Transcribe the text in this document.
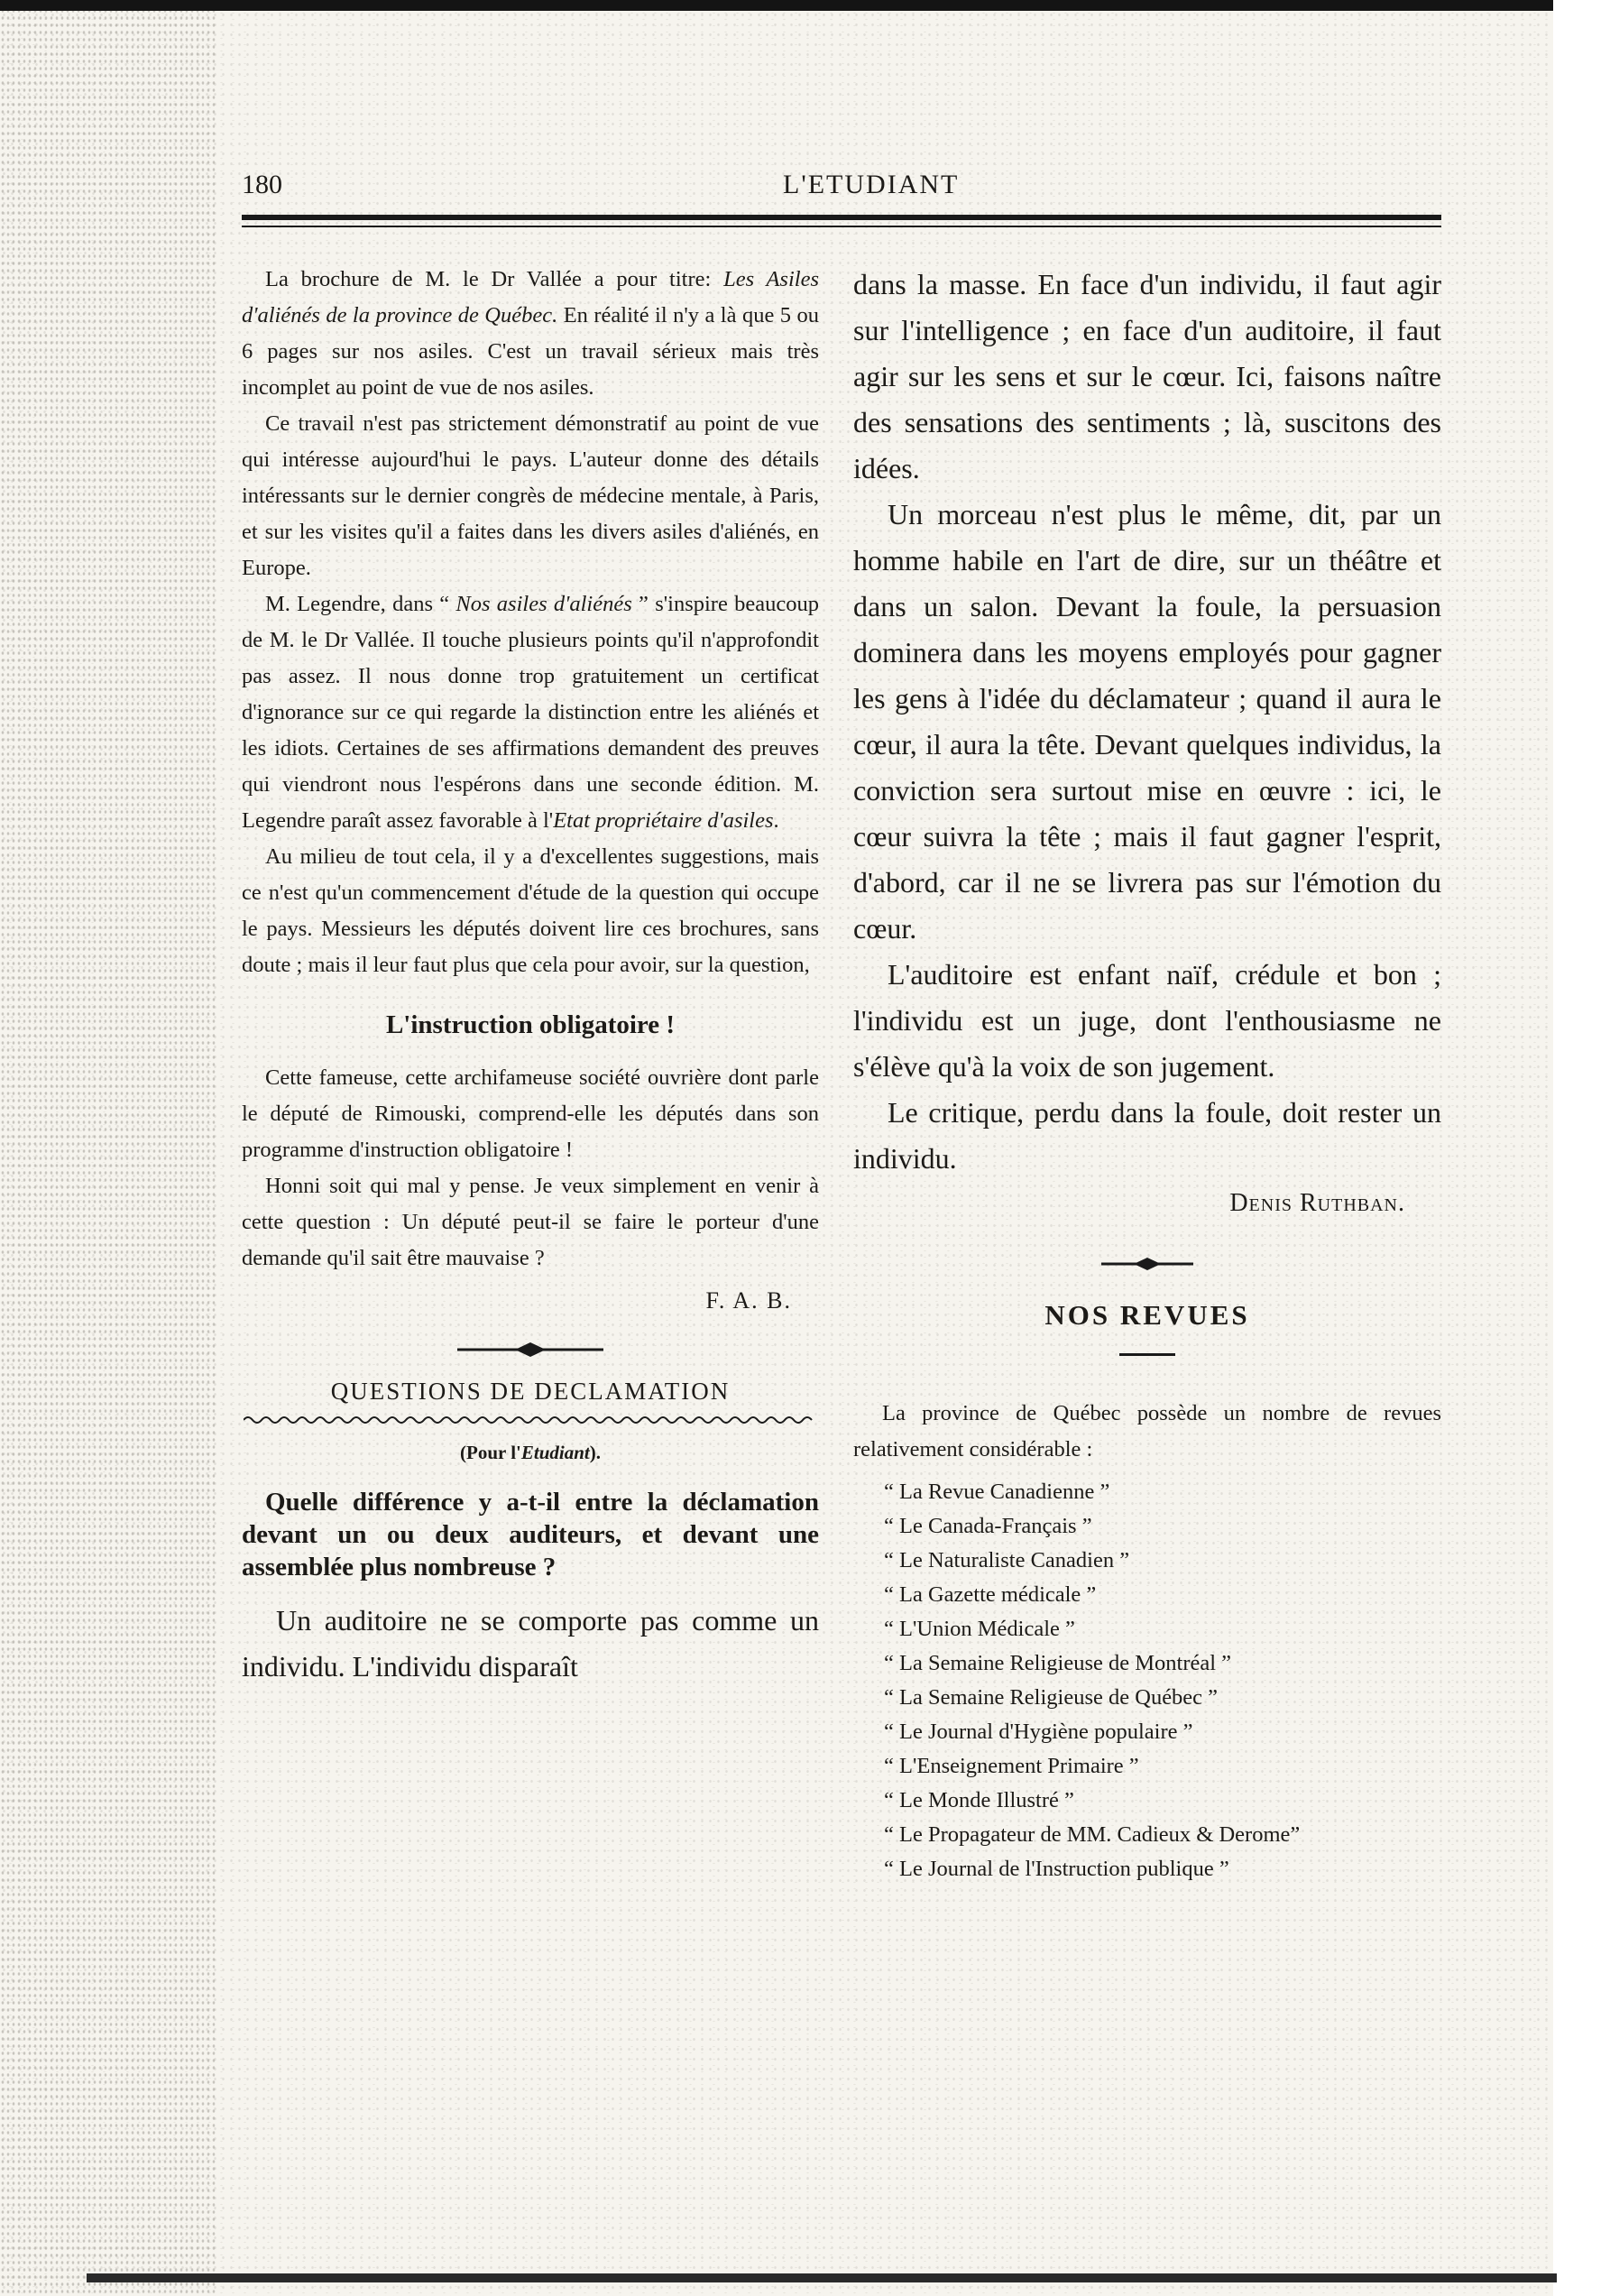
180	L'ETUDIANT

La brochure de M. le Dr Vallée a pour titre: Les Asiles d'aliénés de la province de Québec. En réalité il n'y a là que 5 ou 6 pages sur nos asiles. C'est un travail sérieux mais très incomplet au point de vue de nos asiles.

Ce travail n'est pas strictement démonstratif au point de vue qui intéresse aujourd'hui le pays. L'auteur donne des détails intéressants sur le dernier congrès de médecine mentale, à Paris, et sur les visites qu'il a faites dans les divers asiles d'aliénés, en Europe.

M. Legendre, dans “ Nos asiles d'aliénés ” s'inspire beaucoup de M. le Dr Vallée. Il touche plusieurs points qu'il n'approfondit pas assez. Il nous donne trop gratuitement un certificat d'ignorance sur ce qui regarde la distinction entre les aliénés et les idiots. Certaines de ses affirmations demandent des preuves qui viendront nous l'espérons dans une seconde édition. M. Legendre paraît assez favorable à l'Etat propriétaire d'asiles.

Au milieu de tout cela, il y a d'excellentes suggestions, mais ce n'est qu'un commencement d'étude de la question qui occupe le pays. Messieurs les députés doivent lire ces brochures, sans doute ; mais il leur faut plus que cela pour avoir, sur la question,

L'instruction obligatoire !

Cette fameuse, cette archifameuse société ouvrière dont parle le député de Rimouski, comprend-elle les députés dans son programme d'instruction obligatoire !

Honni soit qui mal y pense. Je veux simplement en venir à cette question : Un député peut-il se faire le porteur d'une demande qu'il sait être mauvaise ?

F. A. B.
QUESTIONS DE DECLAMATION
(Pour l'Etudiant).

Quelle différence y a-t-il entre la déclamation devant un ou deux auditeurs, et devant une assemblée plus nombreuse ?

Un auditoire ne se comporte pas comme un individu. L'individu disparaît

dans la masse. En face d'un individu, il faut agir sur l'intelligence ; en face d'un auditoire, il faut agir sur les sens et sur le cœur. Ici, faisons naître des sensations des sentiments ; là, suscitons des idées.

Un morceau n'est plus le même, dit, par un homme habile en l'art de dire, sur un théâtre et dans un salon. Devant la foule, la persuasion dominera dans les moyens employés pour gagner les gens à l'idée du déclamateur ; quand il aura le cœur, il aura la tête. Devant quelques individus, la conviction sera surtout mise en œuvre : ici, le cœur suivra la tête ; mais il faut gagner l'esprit, d'abord, car il ne se livrera pas sur l'émotion du cœur.

L'auditoire est enfant naïf, crédule et bon ; l'individu est un juge, dont l'enthousiasme ne s'élève qu'à la voix de son jugement.

Le critique, perdu dans la foule, doit rester un individu.

Denis Ruthban.
NOS REVUES

La province de Québec possède un nombre de revues relativement considérable :

“ La Revue Canadienne ”
“ Le Canada-Français ”
“ Le Naturaliste Canadien ”
“ La Gazette médicale ”
“ L'Union Médicale ”
“ La Semaine Religieuse de Montréal ”
“ La Semaine Religieuse de Québec ”
“ Le Journal d'Hygiène populaire ”
“ L'Enseignement Primaire ”
“ Le Monde Illustré ”
“ Le Propagateur de MM. Cadieux & Derome”
“ Le Journal de l'Instruction publique ”
